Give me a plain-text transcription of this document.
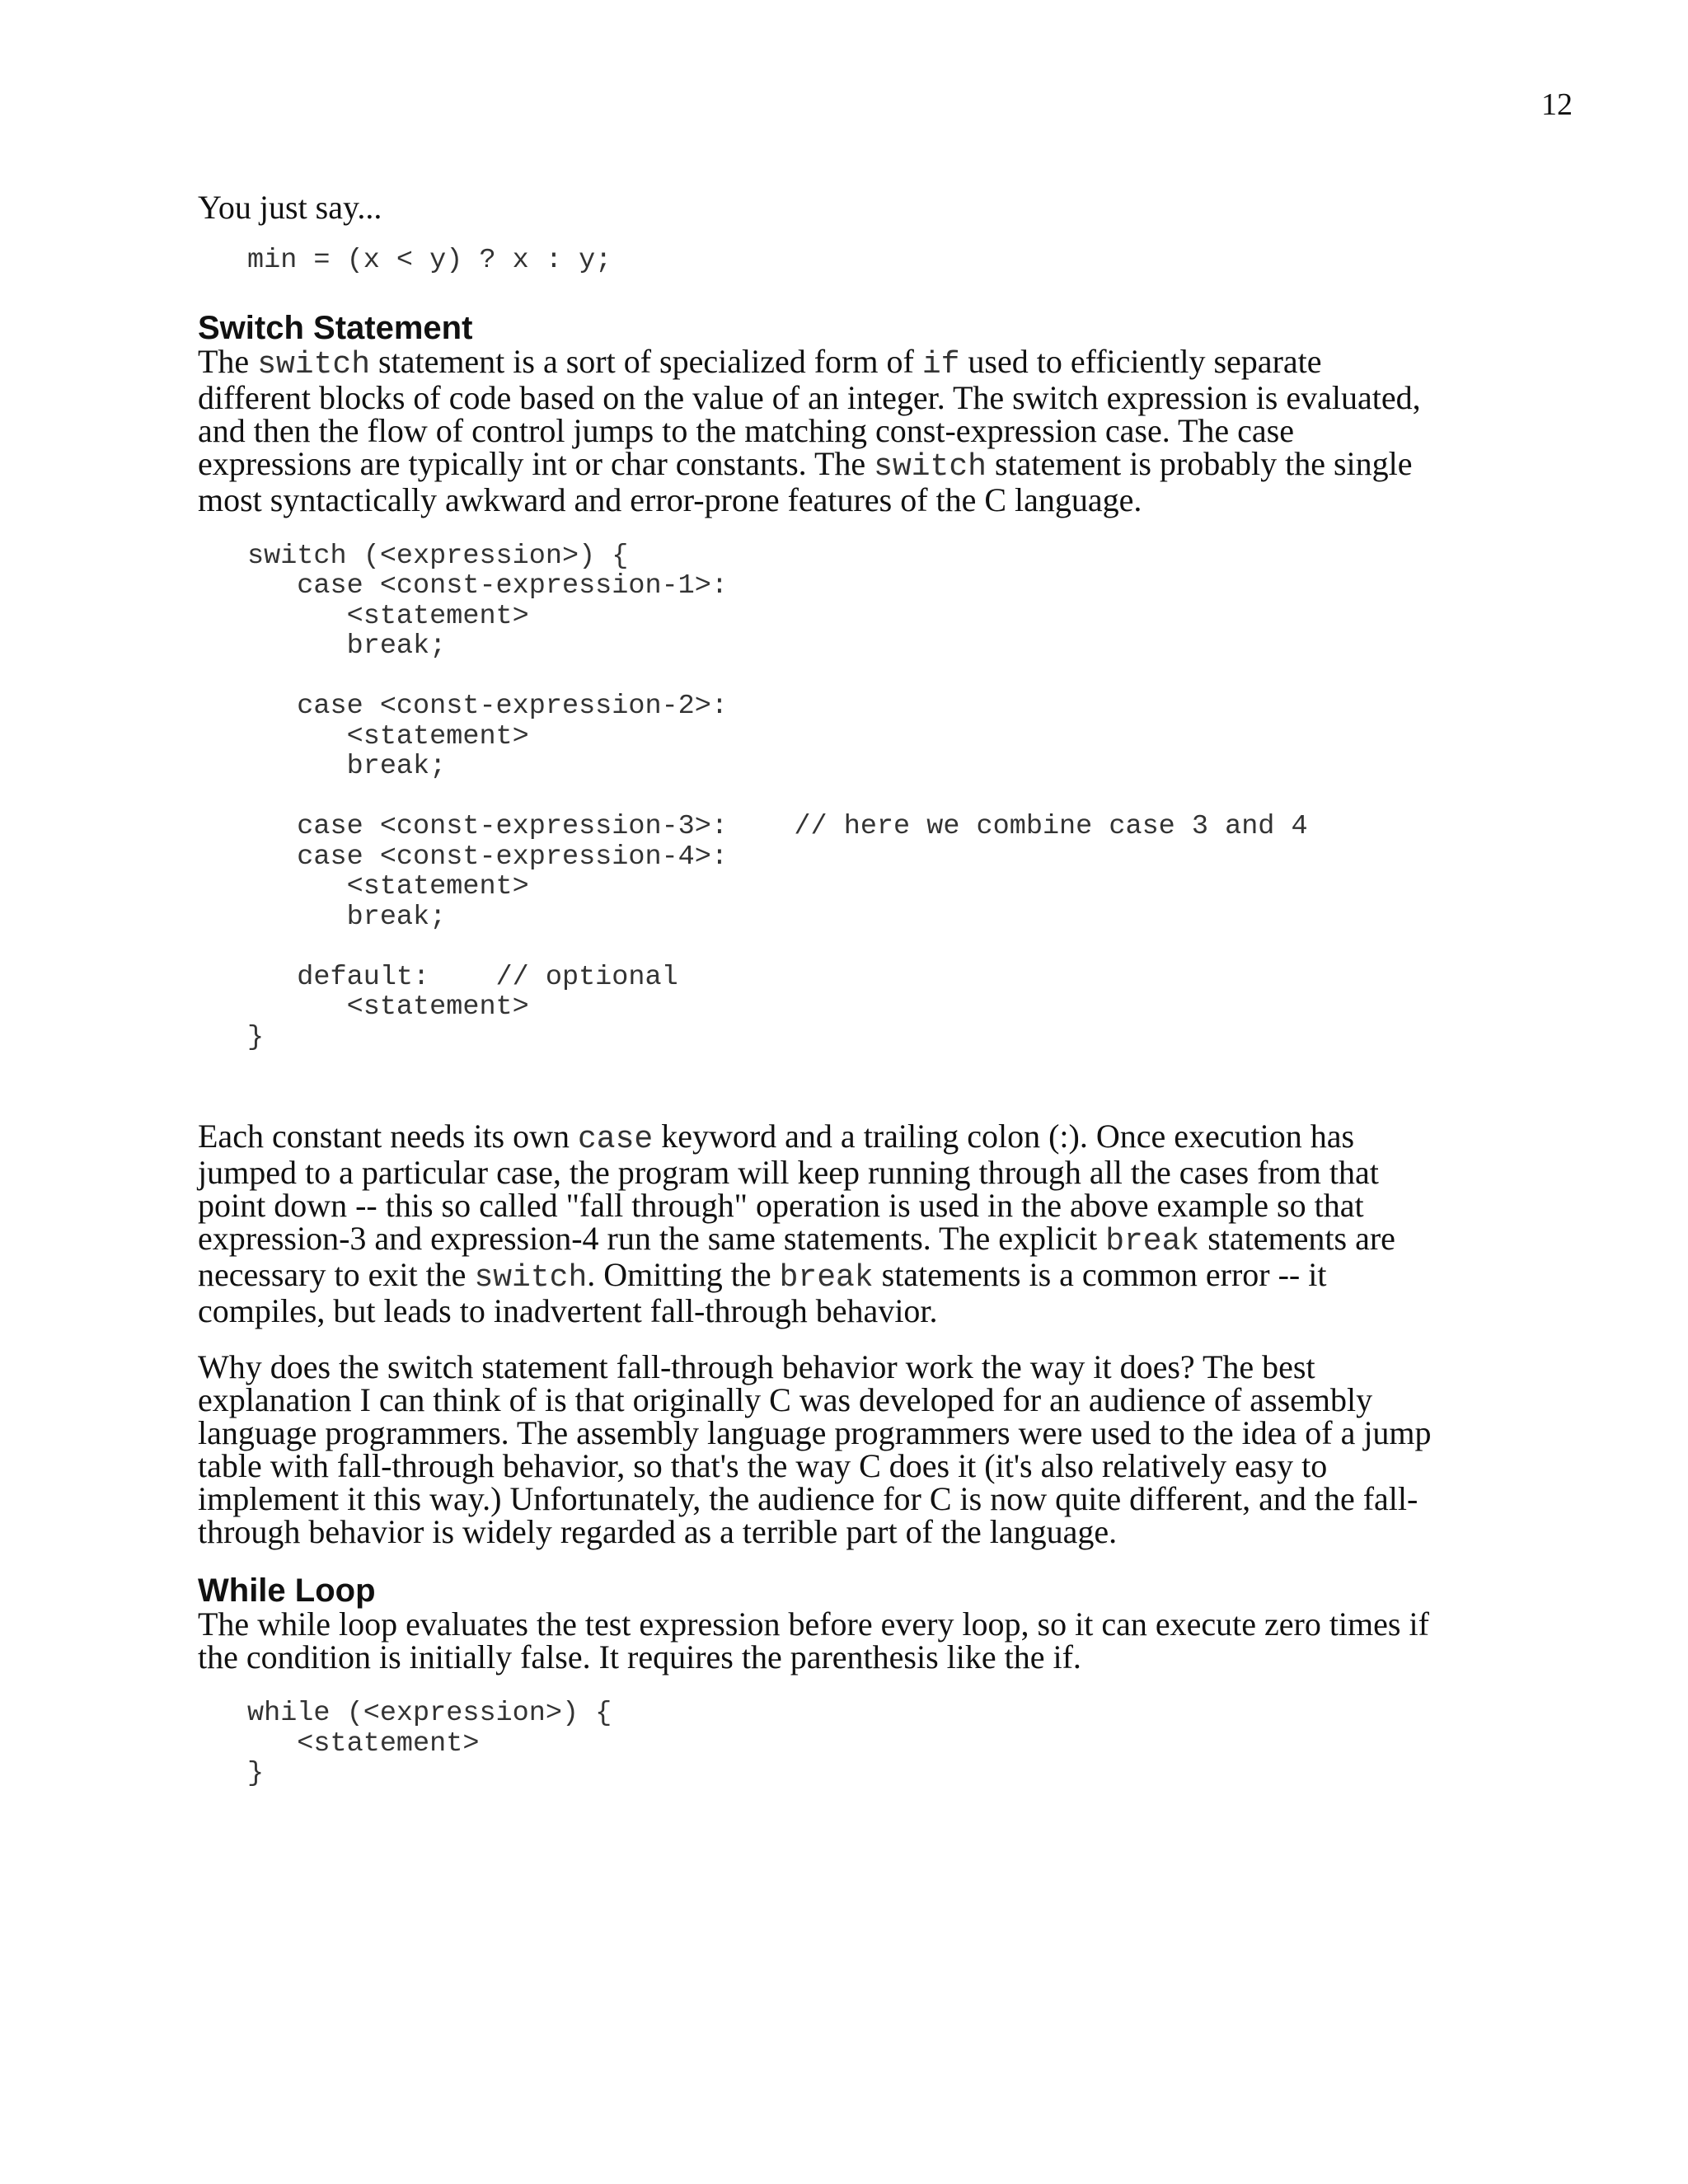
12

You just say...

min = (x < y) ? x : y;
Switch Statement

The switch statement is a sort of specialized form of if used to efficiently separate different blocks of code based on the value of an integer. The switch expression is evaluated, and then the flow of control jumps to the matching const-expression case. The case expressions are typically int or char constants. The switch statement is probably the single most syntactically awkward and error-prone features of the C language.

switch (<expression>) {
case <const-expression-1>:
<statement>
break;

case <const-expression-2>:
<statement>
break;

case <const-expression-3>:    // here we combine case 3 and 4
case <const-expression-4>:
<statement>
break;

default:    // optional
<statement>
}

Each constant needs its own case keyword and a trailing colon (:). Once execution has jumped to a particular case, the program will keep running through all the cases from that point down -- this so called "fall through" operation is used in the above example so that expression-3 and expression-4 run the same statements. The explicit break statements are necessary to exit the switch. Omitting the break statements is a common error -- it compiles, but leads to inadvertent fall-through behavior.

Why does the switch statement fall-through behavior work the way it does? The best explanation I can think of is that originally C was developed for an audience of assembly language programmers. The assembly language programmers were used to the idea of a jump table with fall-through behavior, so that's the way C does it (it's also relatively easy to implement it this way.) Unfortunately, the audience for C is now quite different, and the fall-through behavior is widely regarded as a terrible part of the language.

While Loop

The while loop evaluates the test expression before every loop, so it can execute zero times if the condition is initially false. It requires the parenthesis like the if.

while (<expression>) {
<statement>
}
